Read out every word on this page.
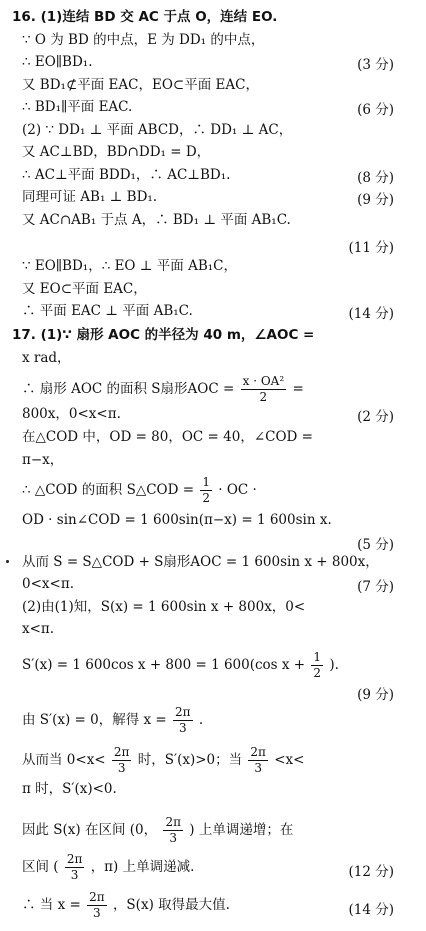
16. (1)连结 BD 交 AC 于点 O，连结 EO.
∵ O 为 BD 的中点，E 为 DD₁ 的中点，
∴ EO∥BD₁.	(3 分)
又 BD₁⊄平面 EAC，EO⊂平面 EAC，
∴ BD₁∥平面 EAC.	(6 分)
(2) ∵ DD₁ ⊥ 平面 ABCD，∴ DD₁ ⊥ AC，
又 AC⊥BD，BD∩DD₁ = D，
∴ AC⊥平面 BDD₁，∴ AC⊥BD₁.	(8 分)
同理可证 AB₁ ⊥ BD₁.	(9 分)
又 AC∩AB₁ 于点 A，∴ BD₁ ⊥ 平面 AB₁C.
(11 分)
∵ EO∥BD₁，∴ EO ⊥ 平面 AB₁C，
又 EO⊂平面 EAC，
∴ 平面 EAC ⊥ 平面 AB₁C.	(14 分)
17. (1)∵ 扇形 AOC 的半径为 40 m，∠AOC =
x rad，
∴ 扇形 AOC 的面积 S扇形AOC = $\frac{\text{x · OA²}}{2}$ =
800x，0<x<π.	(2 分)
在△COD 中，OD = 80，OC = 40，∠COD =
π−x，
∴ △COD 的面积 S△COD = $\frac{1}{2}$ · OC ·
OD · sin∠COD = 1 600sin(π−x) = 1 600sin x.
(5 分)
从而 S = S△COD + S扇形AOC = 1 600sin x + 800x，
0<x<π.	(7 分)
(2)由(1)知，S(x) = 1 600sin x + 800x，0<
x<π.
S′(x) = 1 600cos x + 800 = 1 600(cos $x + \frac{1}{2}$ ).
(9 分)
由 S′(x) = 0，解得 $x = \frac{2\pi}{3}$ .
从而当 $0<x< \frac{2\pi}{3}$ 时，S′(x)>0；当 $\frac{2\pi}{3} <x<$
π 时，S′(x)<0.
因此 S(x) 在区间 (0， $\frac{2\pi}{3}$ ) 上单调递增；在
区间 ( $\frac{2\pi}{3}$ ，π) 上单调递减.	(12 分)
∴ 当 $x = \frac{2\pi}{3}$ ，S(x) 取得最大值.	(14 分)
